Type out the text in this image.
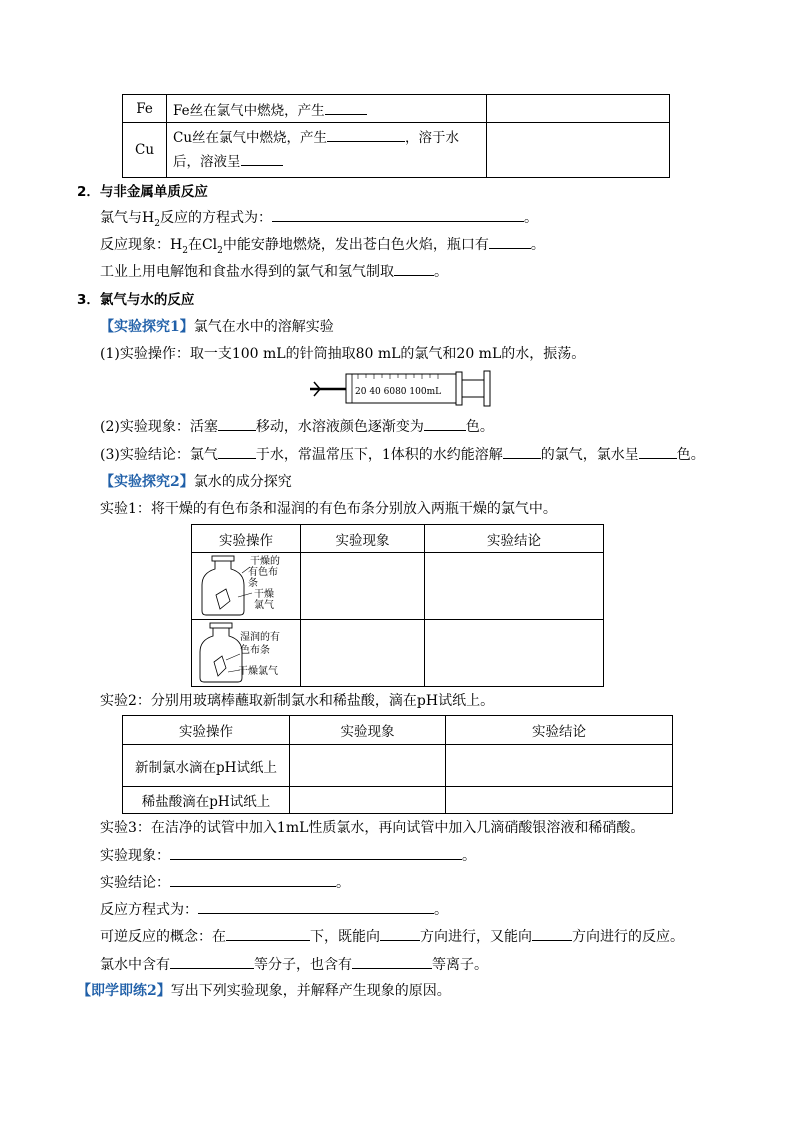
Fe	Fe丝在氯气中燃烧，产生	
Cu	Cu丝在氯气中燃烧，产生 ，溶于水
后，溶液呈	
2．与非金属单质反应
氯气与$H_2$反应的方程式为：	。
反应现象：$H_2$在$Cl_2$中能安静地燃烧，发出苍白色火焰，瓶口有	。
工业上用电解饱和食盐水得到的氯气和氢气制取	。
3．氯气与水的反应
【实验探究1】氯气在水中的溶解实验
(1)实验操作：取一支100 mL的针筒抽取80 mL的氯气和20 mL的水，振荡。
20 40 6080 100mL
(2)实验现象：活塞	移动，水溶液颜色逐渐变为	色。
(3)实验结论：氯气	于水，常温常压下，1体积的水约能溶解	的氯气，氯水呈	色。
【实验探究2】氯水的成分探究
实验1：将干燥的有色布条和湿润的有色布条分别放入两瓶干燥的氯气中。
实验操作	实验现象	实验结论

干燥的
有色布
条
干燥
氯气		

湿润的有
色布条
干燥氯气		

实验2：分别用玻璃棒蘸取新制氯水和稀盐酸，滴在pH试纸上。
实验操作	实验现象	实验结论
新制氯水滴在pH试纸上		
稀盐酸滴在pH试纸上		
实验3：在洁净的试管中加入1mL性质氯水，再向试管中加入几滴硝酸银溶液和稀硝酸。
实验现象：	。
实验结论：	。
反应方程式为：	。
可逆反应的概念：在	下，既能向	方向进行，又能向	方向进行的反应。
氯水中含有	等分子，也含有	等离子。
【即学即练2】写出下列实验现象，并解释产生现象的原因。
